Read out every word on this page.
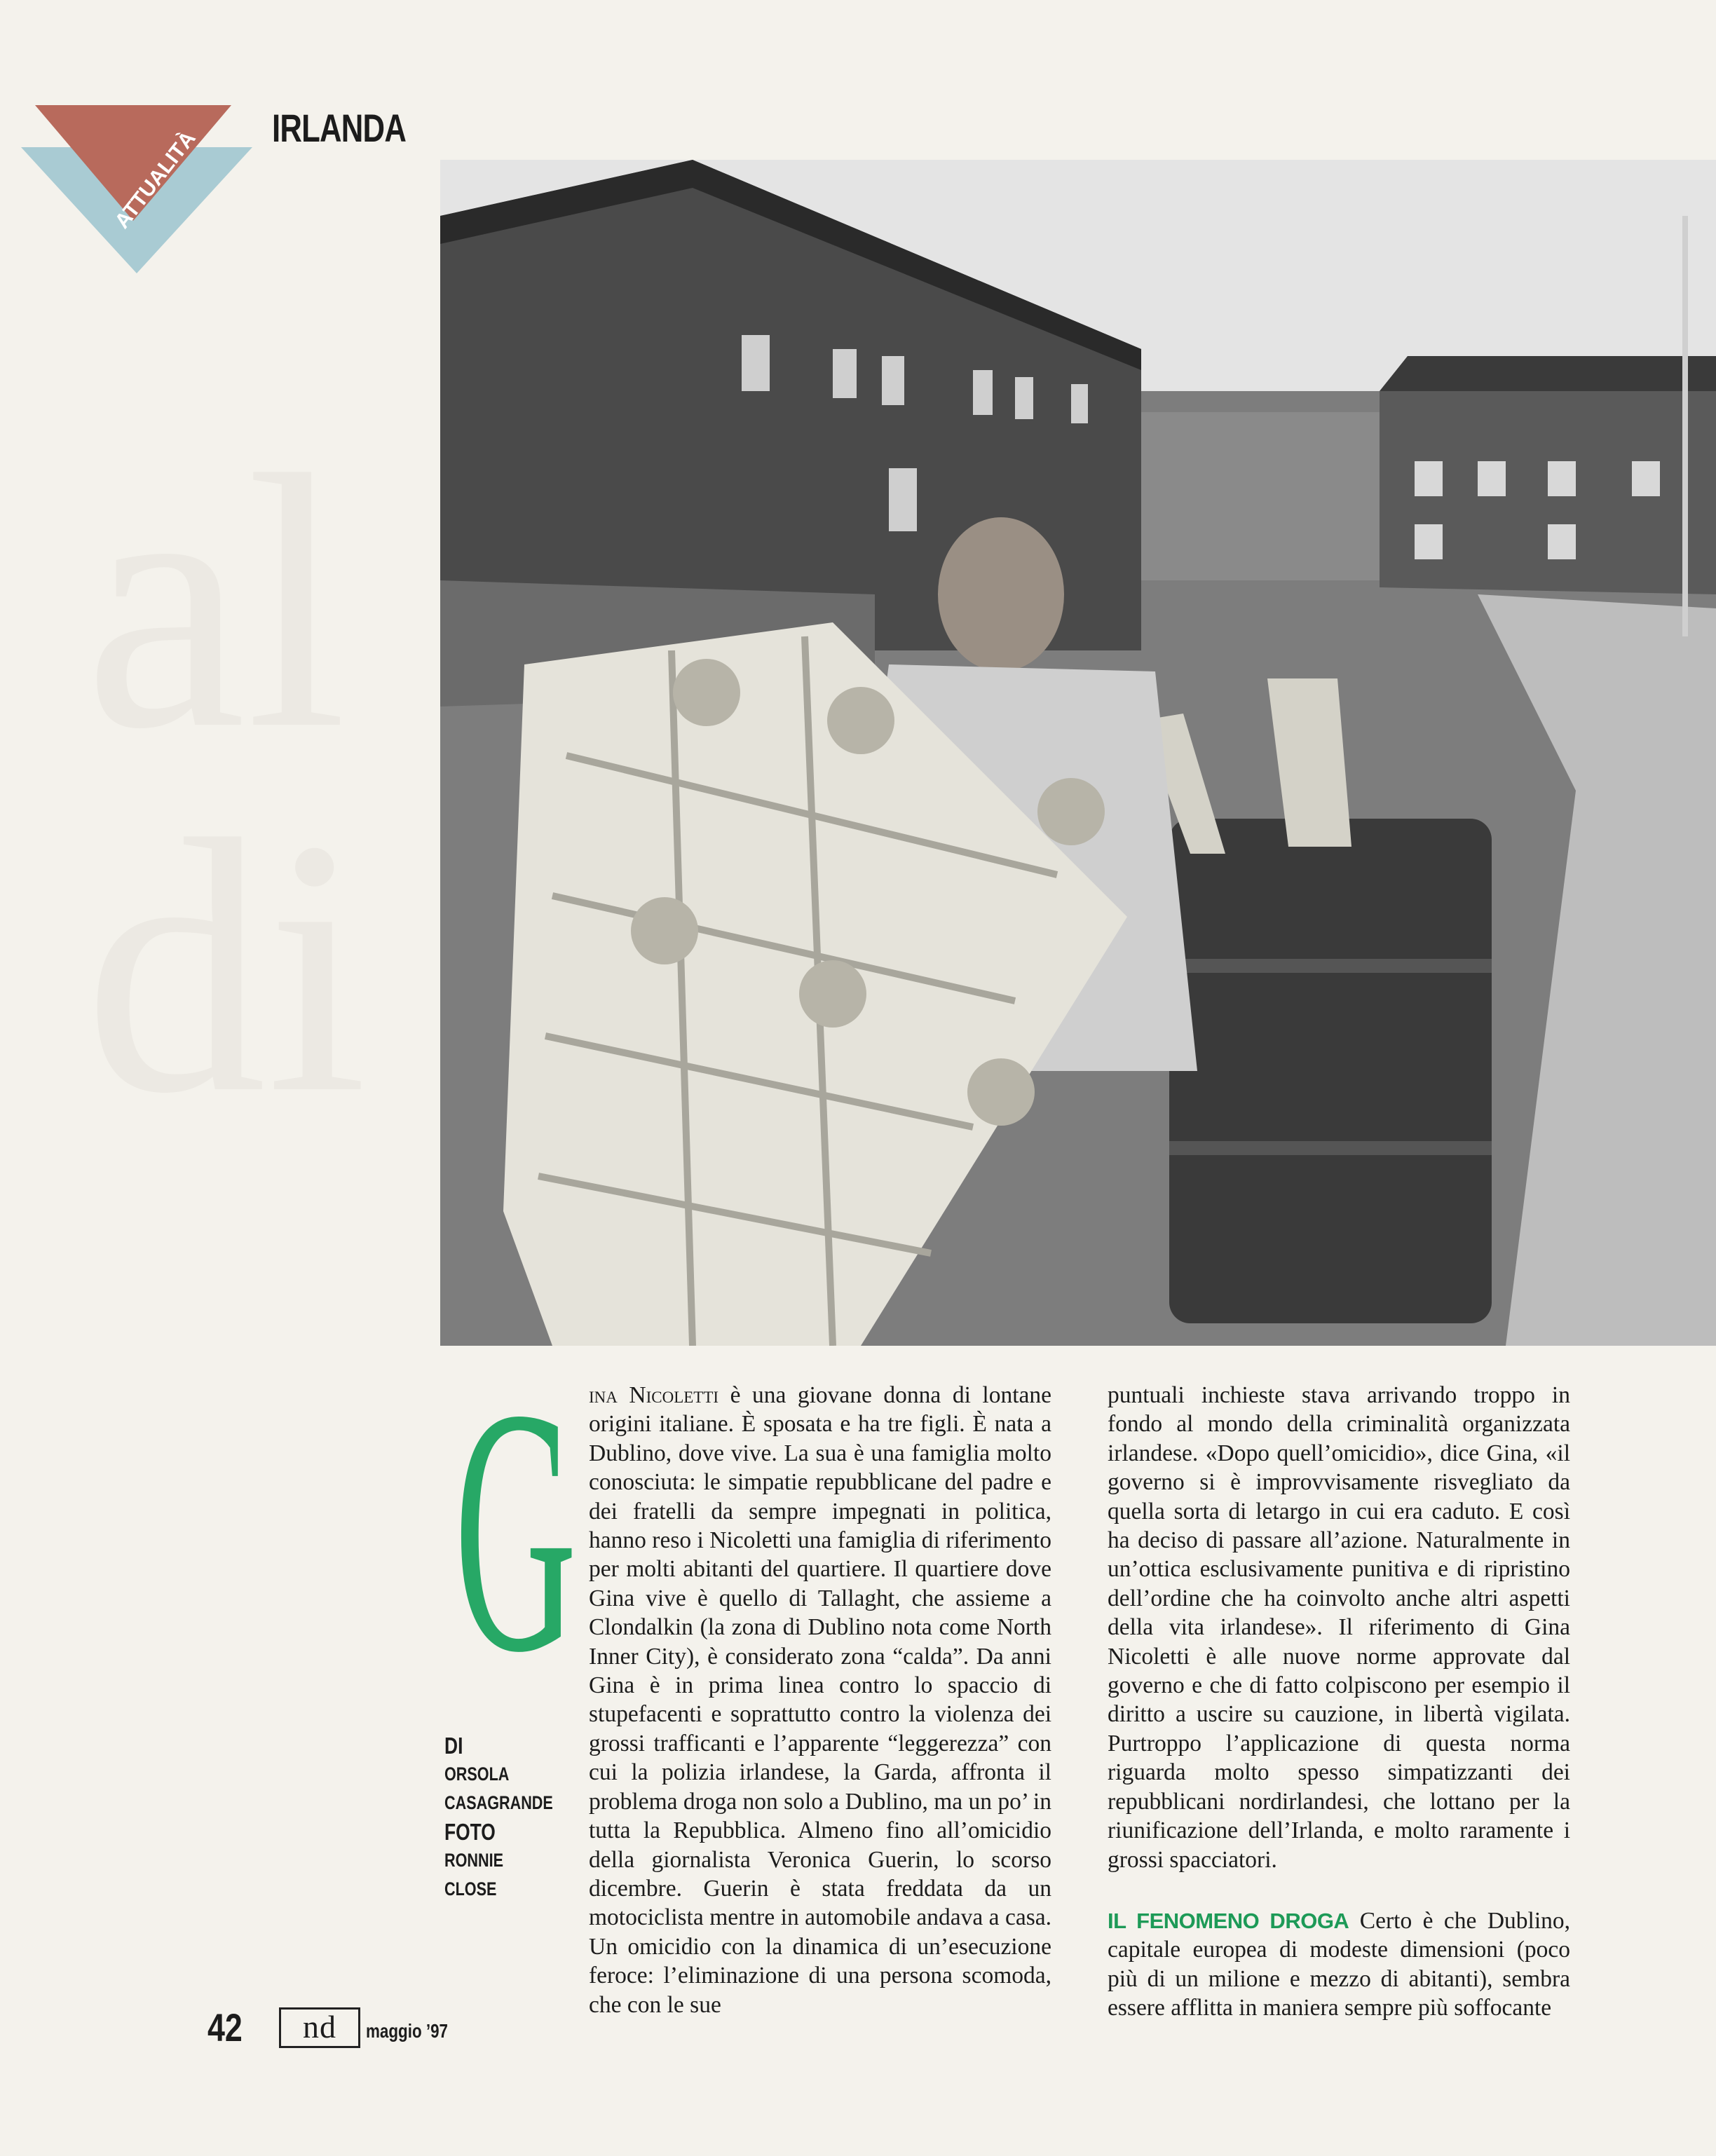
al
di
ATTUALITÀ IRLANDA
G
DI
ORSOLA CASAGRANDE
FOTO
RONNIE CLOSE

ina Nicoletti è una giovane donna di lontane origini italiane. È sposata e ha tre figli. È nata a Dublino, dove vive. La sua è una famiglia molto conosciuta: le simpatie repubblicane del padre e dei fratelli da sempre impegnati in politica, hanno reso i Nicoletti una famiglia di riferimento per molti abitanti del quartiere. Il quartiere dove Gina vive è quello di Tallaght, che assieme a Clondalkin (la zona di Dublino nota come North Inner City), è considerato zona “calda”. Da anni Gina è in prima linea contro lo spaccio di stupefacenti e soprattutto contro la violenza dei grossi trafficanti e l’apparente “leggerezza” con cui la polizia irlandese, la Garda, affronta il problema droga non solo a Dublino, ma un po’ in tutta la Repubblica. Almeno fino all’omicidio della giornalista Veronica Guerin, lo scorso dicembre. Guerin è stata freddata da un motociclista mentre in automobile andava a casa. Un omicidio con la dinamica di un’esecuzione feroce: l’eliminazione di una persona scomoda, che con le sue

puntuali inchieste stava arrivando troppo in fondo al mondo della criminalità organizzata irlandese. «Dopo quell’omicidio», dice Gina, «il governo si è improvvisamente risvegliato da quella sorta di letargo in cui era caduto. E così ha deciso di passare all’azione. Naturalmente in un’ottica esclusivamente punitiva e di ripristino dell’ordine che ha coinvolto anche altri aspetti della vita irlandese». Il riferimento di Gina Nicoletti è alle nuove norme approvate dal governo e che di fatto colpiscono per esempio il diritto a uscire su cauzione, in libertà vigilata. Purtroppo l’applicazione di questa norma riguarda molto spesso simpatizzanti dei repubblicani nordirlandesi, che lottano per la riunificazione dell’Irlanda, e molto raramente i grossi spacciatori.

IL FENOMENO DROGA Certo è che Dublino, capitale europea di modeste dimensioni (poco più di un milione e mezzo di abitanti), sembra essere afflitta in maniera sempre più soffocante

42	nd	maggio ’97
